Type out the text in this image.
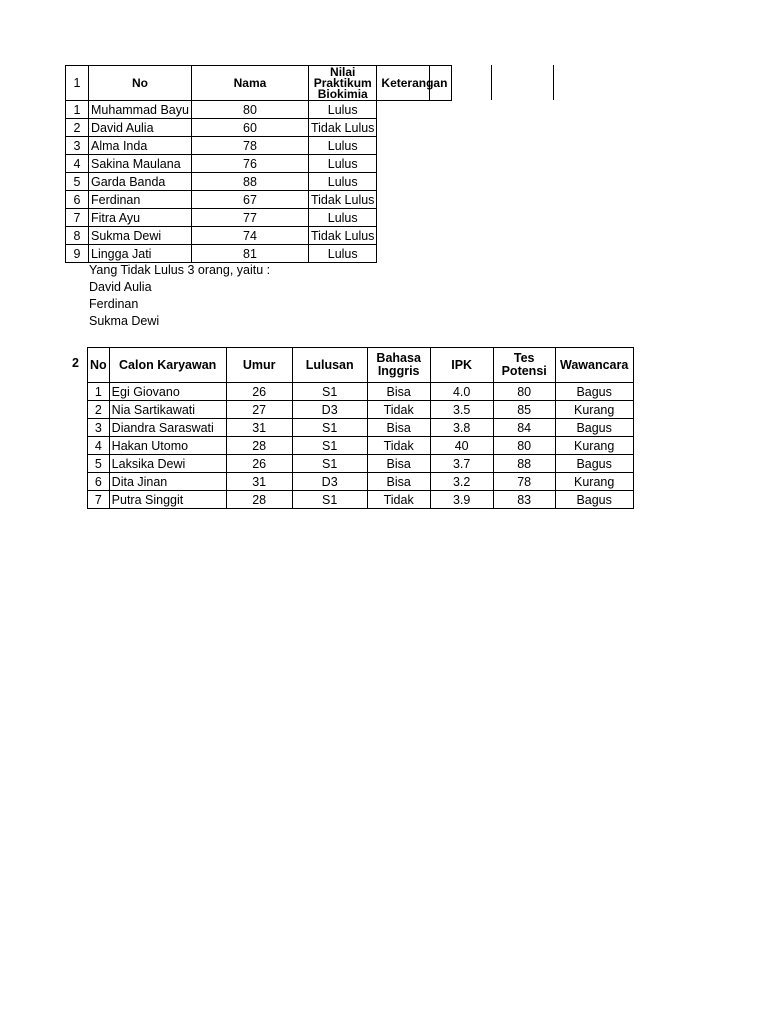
1	No	Nama	Nilai Praktikum Biokimia	Keterangan
1	Muhammad Bayu	80	Lulus	
2	David Aulia	60	Tidak Lulus	
3	Alma Inda	78	Lulus	
4	Sakina Maulana	76	Lulus	
5	Garda Banda	88	Lulus	
6	Ferdinan	67	Tidak Lulus	
7	Fitra Ayu	77	Lulus	
8	Sukma Dewi	74	Tidak Lulus	
9	Lingga Jati	81	Lulus	
Yang Tidak Lulus 3 orang, yaitu :
David Aulia
Ferdinan
Sukma Dewi
2 No	Calon Karyawan	Umur	Lulusan	Bahasa Inggris	IPK	Tes Potensi	Wawancara
1	Egi Giovano	26	S1	Bisa	4.0	80	Bagus
2	Nia Sartikawati	27	D3	Tidak	3.5	85	Kurang
3	Diandra Saraswati	31	S1	Bisa	3.8	84	Bagus
4	Hakan Utomo	28	S1	Tidak	40	80	Kurang
5	Laksika Dewi	26	S1	Bisa	3.7	88	Bagus
6	Dita Jinan	31	D3	Bisa	3.2	78	Kurang
7	Putra Singgit	28	S1	Tidak	3.9	83	Bagus
